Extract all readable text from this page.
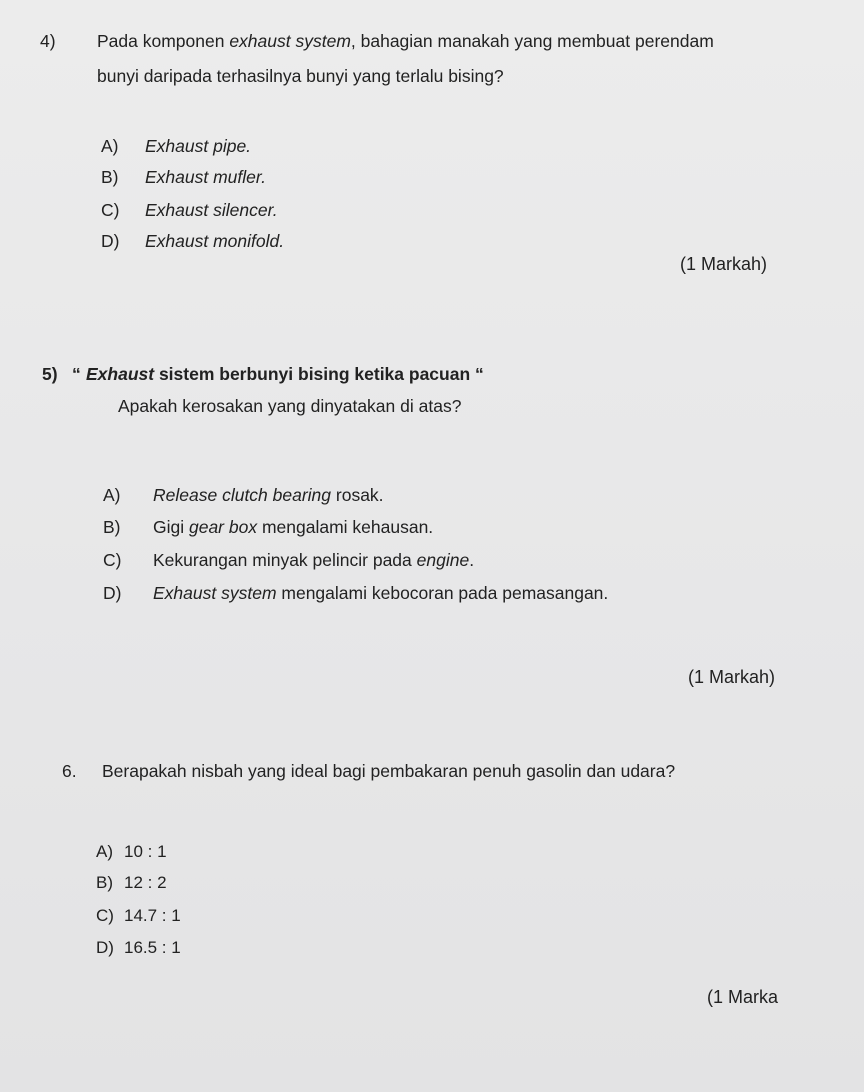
4) Pada komponen exhaust system, bahagian manakah yang membuat perendam
bunyi daripada terhasilnya bunyi yang terlalu bising?
A) Exhaust pipe.
B) Exhaust mufler.
C) Exhaust silencer.
D) Exhaust monifold.
(1 Markah)
5) “ Exhaust sistem berbunyi bising ketika pacuan “
Apakah kerosakan yang dinyatakan di atas?
A) Release clutch bearing rosak.
B) Gigi gear box mengalami kehausan.
C) Kekurangan minyak pelincir pada engine.
D) Exhaust system mengalami kebocoran pada pemasangan.
(1 Markah)
6. Berapakah nisbah yang ideal bagi pembakaran penuh gasolin dan udara?
A) 10 : 1
B) 12 : 2
C) 14.7 : 1
D) 16.5 : 1
(1 Marka
